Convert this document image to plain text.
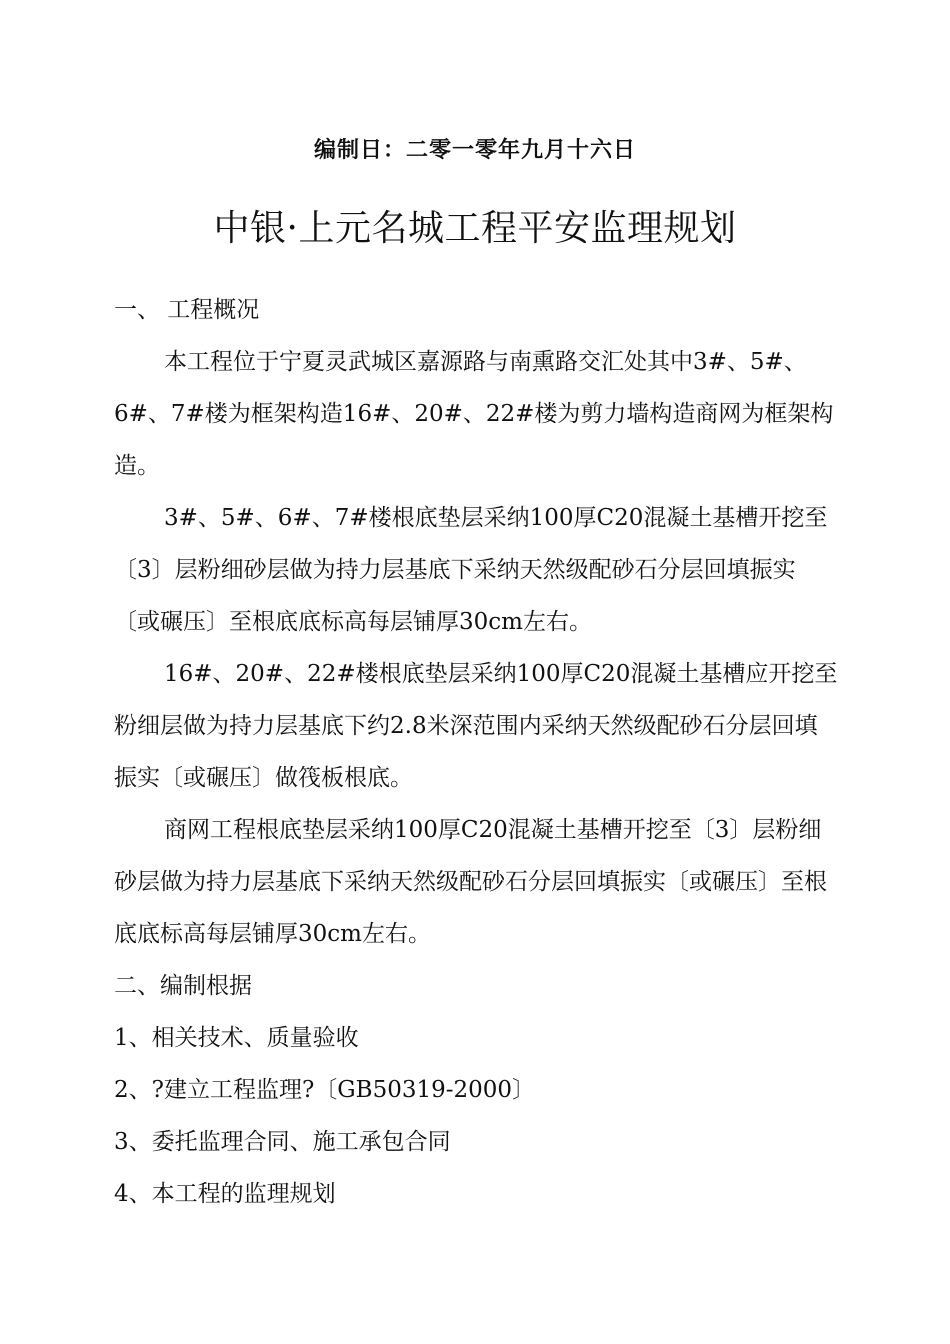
编制日：二零一零年九月十六日
中银·上元名城工程平安监理规划

一、 工程概况

本工程位于宁夏灵武城区嘉源路与南熏路交汇处其中3#、5#、6#、7#楼为框架构造16#、20#、22#楼为剪力墙构造商网为框架构造。

3#、5#、6#、7#楼根底垫层采纳100厚C20混凝土基槽开挖至〔3〕层粉细砂层做为持力层基底下采纳天然级配砂石分层回填振实〔或碾压〕至根底底标高每层铺厚30cm左右。

16#、20#、22#楼根底垫层采纳100厚C20混凝土基槽应开挖至粉细层做为持力层基底下约2.8米深范围内采纳天然级配砂石分层回填振实〔或碾压〕做筏板根底。

商网工程根底垫层采纳100厚C20混凝土基槽开挖至〔3〕层粉细砂层做为持力层基底下采纳天然级配砂石分层回填振实〔或碾压〕至根底底标高每层铺厚30cm左右。

二、编制根据

1、相关技术、质量验收

2、?建立工程监理?〔GB50319-2000〕

3、委托监理合同、施工承包合同

4、本工程的监理规划
